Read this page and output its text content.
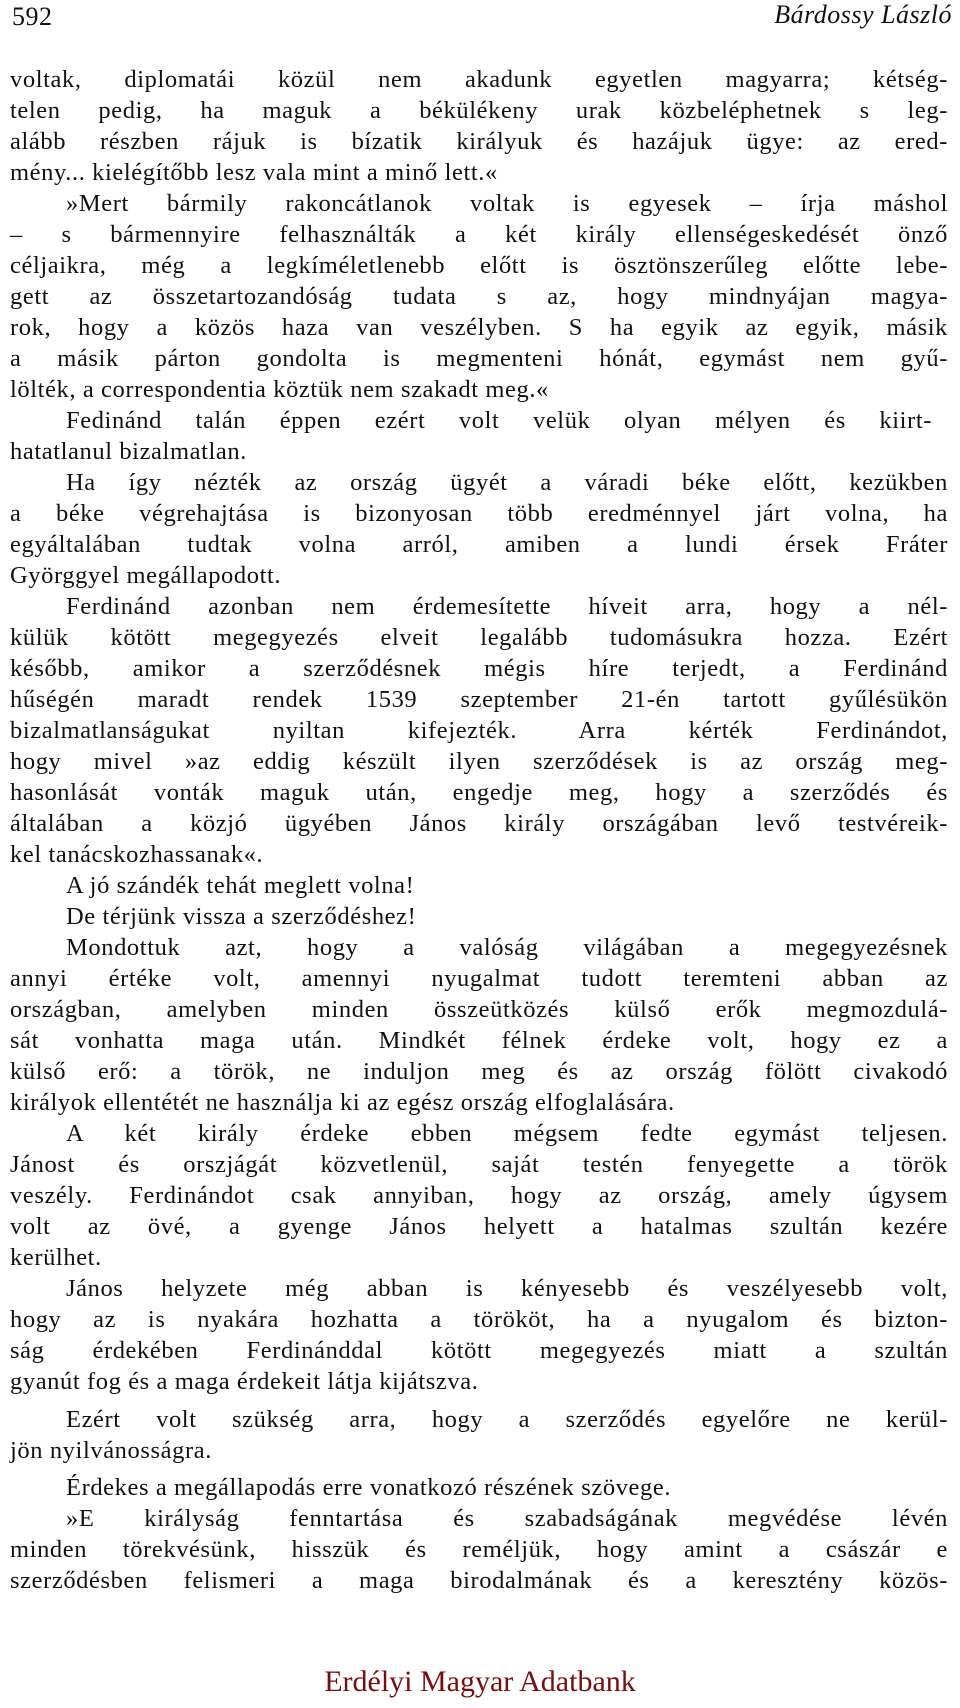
592	Bárdossy László
voltak, diplomatái közül nem akadunk egyetlen magyarra; kétség-
telen pedig, ha maguk a békülékeny urak közbeléphetnek s leg-
alább részben rájuk is bízatik királyuk és hazájuk ügye: az ered-
mény... kielégítőbb lesz vala mint a minő lett.«
»Mert bármily rakoncátlanok voltak is egyesek – írja máshol
– s bármennyire felhasználták a két király ellenségeskedését önző
céljaikra, még a legkíméletlenebb előtt is ösztönszerűleg előtte lebe-
gett az összetartozandóság tudata s az, hogy mindnyájan magya-
rok, hogy a közös haza van veszélyben. S ha egyik az egyik, másik
a másik párton gondolta is megmenteni hónát, egymást nem gyű-
lölték, a correspondentia köztük nem szakadt meg.«
Fedinánd talán éppen ezért volt velük olyan mélyen és kiirt-
hatatlanul bizalmatlan.
Ha így nézték az ország ügyét a váradi béke előtt, kezükben
a béke végrehajtása is bizonyosan több eredménnyel járt volna, ha
egyáltalában tudtak volna arról, amiben a lundi érsek Fráter
Györggyel megállapodott.
Ferdinánd azonban nem érdemesítette híveit arra, hogy a nél-
külük kötött megegyezés elveit legalább tudomásukra hozza. Ezért
később, amikor a szerződésnek mégis híre terjedt, a Ferdinánd
hűségén maradt rendek 1539 szeptember 21-én tartott gyűlésükön
bizalmatlanságukat nyiltan kifejezték. Arra kérték Ferdinándot,
hogy mivel »az eddig készült ilyen szerződések is az ország meg-
hasonlását vonták maguk után, engedje meg, hogy a szerződés és
általában a közjó ügyében János király országában levő testvéreik-
kel tanácskozhassanak«.
A jó szándék tehát meglett volna!
De térjünk vissza a szerződéshez!
Mondottuk azt, hogy a valóság világában a megegyezésnek
annyi értéke volt, amennyi nyugalmat tudott teremteni abban az
országban, amelyben minden összeütközés külső erők megmozdulá-
sát vonhatta maga után. Mindkét félnek érdeke volt, hogy ez a
külső erő: a török, ne induljon meg és az ország fölött civakodó
királyok ellentétét ne használja ki az egész ország elfoglalására.
A két király érdeke ebben mégsem fedte egymást teljesen.
Jánost és orszjágát közvetlenül, saját testén fenyegette a török
veszély. Ferdinándot csak annyiban, hogy az ország, amely úgysem
volt az övé, a gyenge János helyett a hatalmas szultán kezére
kerülhet.
János helyzete még abban is kényesebb és veszélyesebb volt,
hogy az is nyakára hozhatta a törököt, ha a nyugalom és bizton-
ság érdekében Ferdinánddal kötött megegyezés miatt a szultán
gyanút fog és a maga érdekeit látja kijátszva.
Ezért volt szükség arra, hogy a szerződés egyelőre ne kerül-
jön nyilvánosságra.
Érdekes a megállapodás erre vonatkozó részének szövege.
»E királyság fenntartása és szabadságának megvédése lévén
minden törekvésünk, hisszük és reméljük, hogy amint a császár e
szerződésben felismeri a maga birodalmának és a keresztény közös-
Erdélyi Magyar Adatbank
